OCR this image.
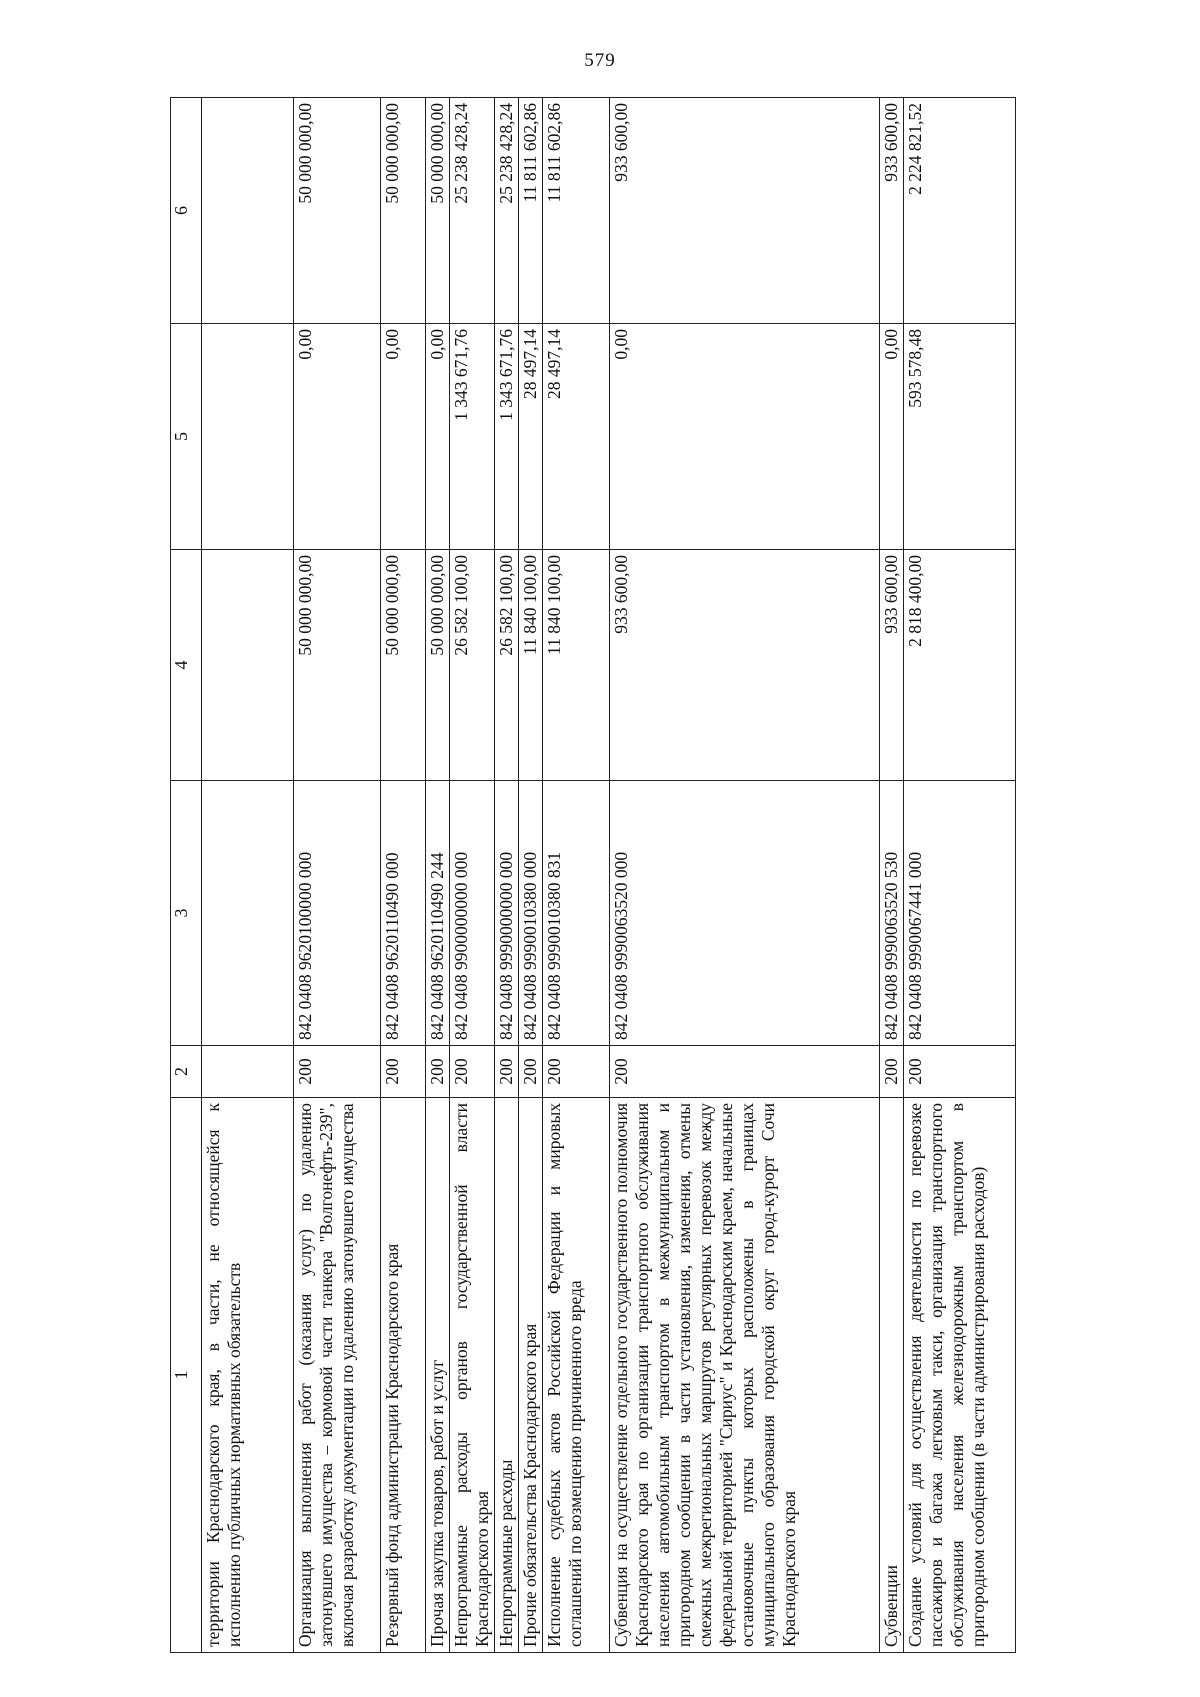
579
1	2	3	4	5	6
территории Краснодарского края, в части, не относящейся к исполнению публичных нормативных обязательств					
Организация выполнения работ (оказания услуг) по удалению затонувшего имущества – кормовой части танкера "Волгонефть-239", включая разработку документации по удалению затонувшего имущества	200	842 0408 9620100000 000	50 000 000,00	0,00	50 000 000,00
Резервный фонд администрации Краснодарского края	200	842 0408 9620110490 000	50 000 000,00	0,00	50 000 000,00
Прочая закупка товаров, работ и услуг	200	842 0408 9620110490 244	50 000 000,00	0,00	50 000 000,00
Непрограммные расходы органов государственной власти Краснодарского края	200	842 0408 9900000000 000	26 582 100,00	1 343 671,76	25 238 428,24
Непрограммные расходы	200	842 0408 9990000000 000	26 582 100,00	1 343 671,76	25 238 428,24
Прочие обязательства Краснодарского края	200	842 0408 9990010380 000	11 840 100,00	28 497,14	11 811 602,86
Исполнение судебных актов Российской Федерации и мировых соглашений по возмещению причиненного вреда	200	842 0408 9990010380 831	11 840 100,00	28 497,14	11 811 602,86
Субвенция на осуществление отдельного государственного полномочия Краснодарского края по организации транспортного обслуживания населения автомобильным транспортом в межмуниципальном и пригородном сообщении в части установления, изменения, отмены смежных межрегиональных маршрутов регулярных перевозок между федеральной территорией "Сириус" и Краснодарским краем, начальные остановочные пункты которых расположены в границах муниципального образования городской округ город-курорт Сочи Краснодарского края	200	842 0408 9990063520 000	933 600,00	0,00	933 600,00
Субвенции	200	842 0408 9990063520 530	933 600,00	0,00	933 600,00
Создание условий для осуществления деятельности по перевозке пассажиров и багажа легковым такси, организация транспортного обслуживания населения железнодорожным транспортом в пригородном сообщении (в части администрирования расходов)	200	842 0408 9990067441 000	2 818 400,00	593 578,48	2 224 821,52
